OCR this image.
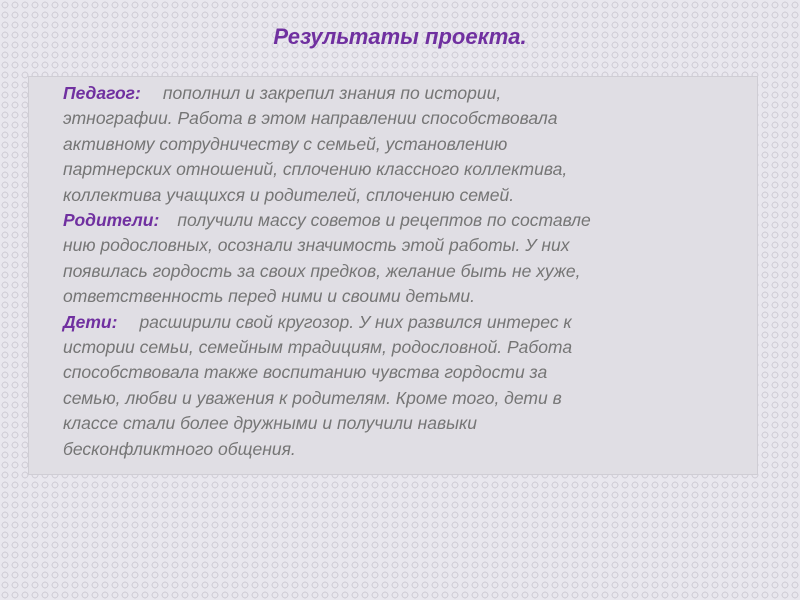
Результаты проекта.

Педагог: пополнил и закрепил знания по истории,
этнографии. Работа в этом направлении способствовала
активному сотрудничеству с семьей, установлению
партнерских отношений, сплочению классного коллектива,
коллектива учащихся и родителей, сплочению семей.

Родители: получили массу советов и рецептов по составле
нию родословных, осознали значимость этой работы. У них
появилась гордость за своих предков, желание быть не хуже,
ответственность перед ними и своими детьми.

Дети: расширили свой кругозор. У них развился интерес к
истории семьи, семейным традициям, родословной. Работа
способствовала также воспитанию чувства гордости за
семью, любви и уважения к родителям. Кроме того, дети в
классе стали более дружными и получили навыки
бесконфликтного общения.
